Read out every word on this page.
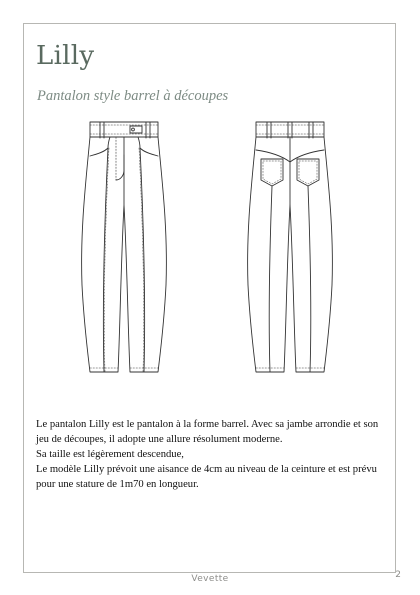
Lilly
Pantalon style barrel à découpes

Le pantalon Lilly est le pantalon à la forme barrel. Avec sa jambe arrondie et son jeu de découpes, il adopte une allure résolument moderne.

Sa taille est légèrement descendue,

Le modèle Lilly prévoit une aisance de 4cm au niveau de la ceinture et est prévu pour une stature de 1m70 en longueur.

Vevette	2
